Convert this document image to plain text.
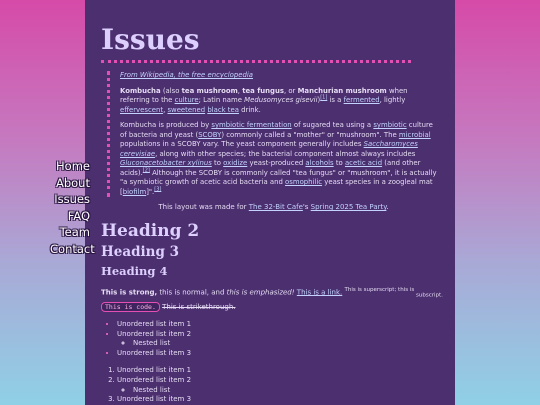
Home
About
Issues
FAQ
Team
Contact
Issues

From Wikipedia, the free encyclopedia

Kombucha (also tea mushroom, tea fungus, or Manchurian mushroom when referring to the culture; Latin name Medusomyces gisevii)[1] is a fermented, lightly effervescent, sweetened black tea drink.

Kombucha is produced by symbiotic fermentation of sugared tea using a symbiotic culture of bacteria and yeast (SCOBY) commonly called a "mother" or "mushroom". The microbial populations in a SCOBY vary. The yeast component generally includes Saccharomyces cerevisiae, along with other species; the bacterial component almost always includes Gluconacetobacter xylinus to oxidize yeast-produced alcohols to acetic acid (and other acids).[2] Although the SCOBY is commonly called "tea fungus" or "mushroom", it is actually "a symbiotic growth of acetic acid bacteria and osmophilic yeast species in a zoogleal mat [biofilm]".[3]

This layout was made for The 32-Bit Cafe's Spring 2025 Tea Party.

Heading 2
Heading 3
Heading 4

This is strong, this is normal, and this is emphasized! This is a link. $^{This is superscript;}$ $^{this is}$ $_{subscript.}$ This is code. This is strikethrough.

• Unordered list item 1
• Unordered list item 2
◦ Nested list
• Unordered list item 3
1. Unordered list item 1
2. Unordered list item 2
◦ Nested list
3. Unordered list item 3
